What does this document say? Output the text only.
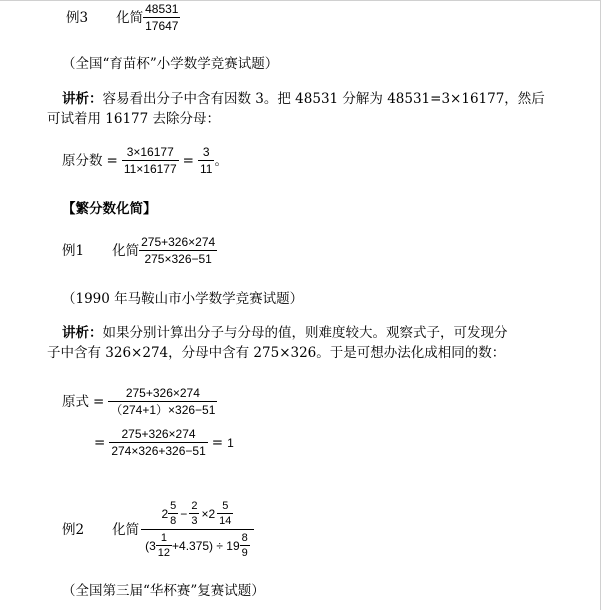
例3 化简 $\frac{48531}{17647}$
（全国“育苗杯”小学数学竞赛试题）
讲析：容易看出分子中含有因数 3。把 48531 分解为 48531=3×16177，然后
可试着用 16177 去除分母：
原分数 = $\frac{3\times 16177}{11\times 16177} = \frac{3}{11}$ 。
【繁分数化简】
例1 化简 $\frac{275+326\times 274}{275\times 326-51}$
（1990 年马鞍山市小学数学竞赛试题）
讲析：如果分别计算出分子与分母的值，则难度较大。观察式子，可发现分
子中含有 326×274，分母中含有 275×326。于是可想办法化成相同的数：
原式 = $\frac{275+326\times 274}{(274+1)\times 326-51}$
= $\frac{275+326\times 274}{274\times 326+326-51} = 1$
例2 化简
$2 \frac{5}{8} - \frac{2}{3} \times 2 \frac{5}{14}$
$(3 \frac{1}{12} +4.375) \div 19 \frac{8}{9}$
（全国第三届“华杯赛”复赛试题）
